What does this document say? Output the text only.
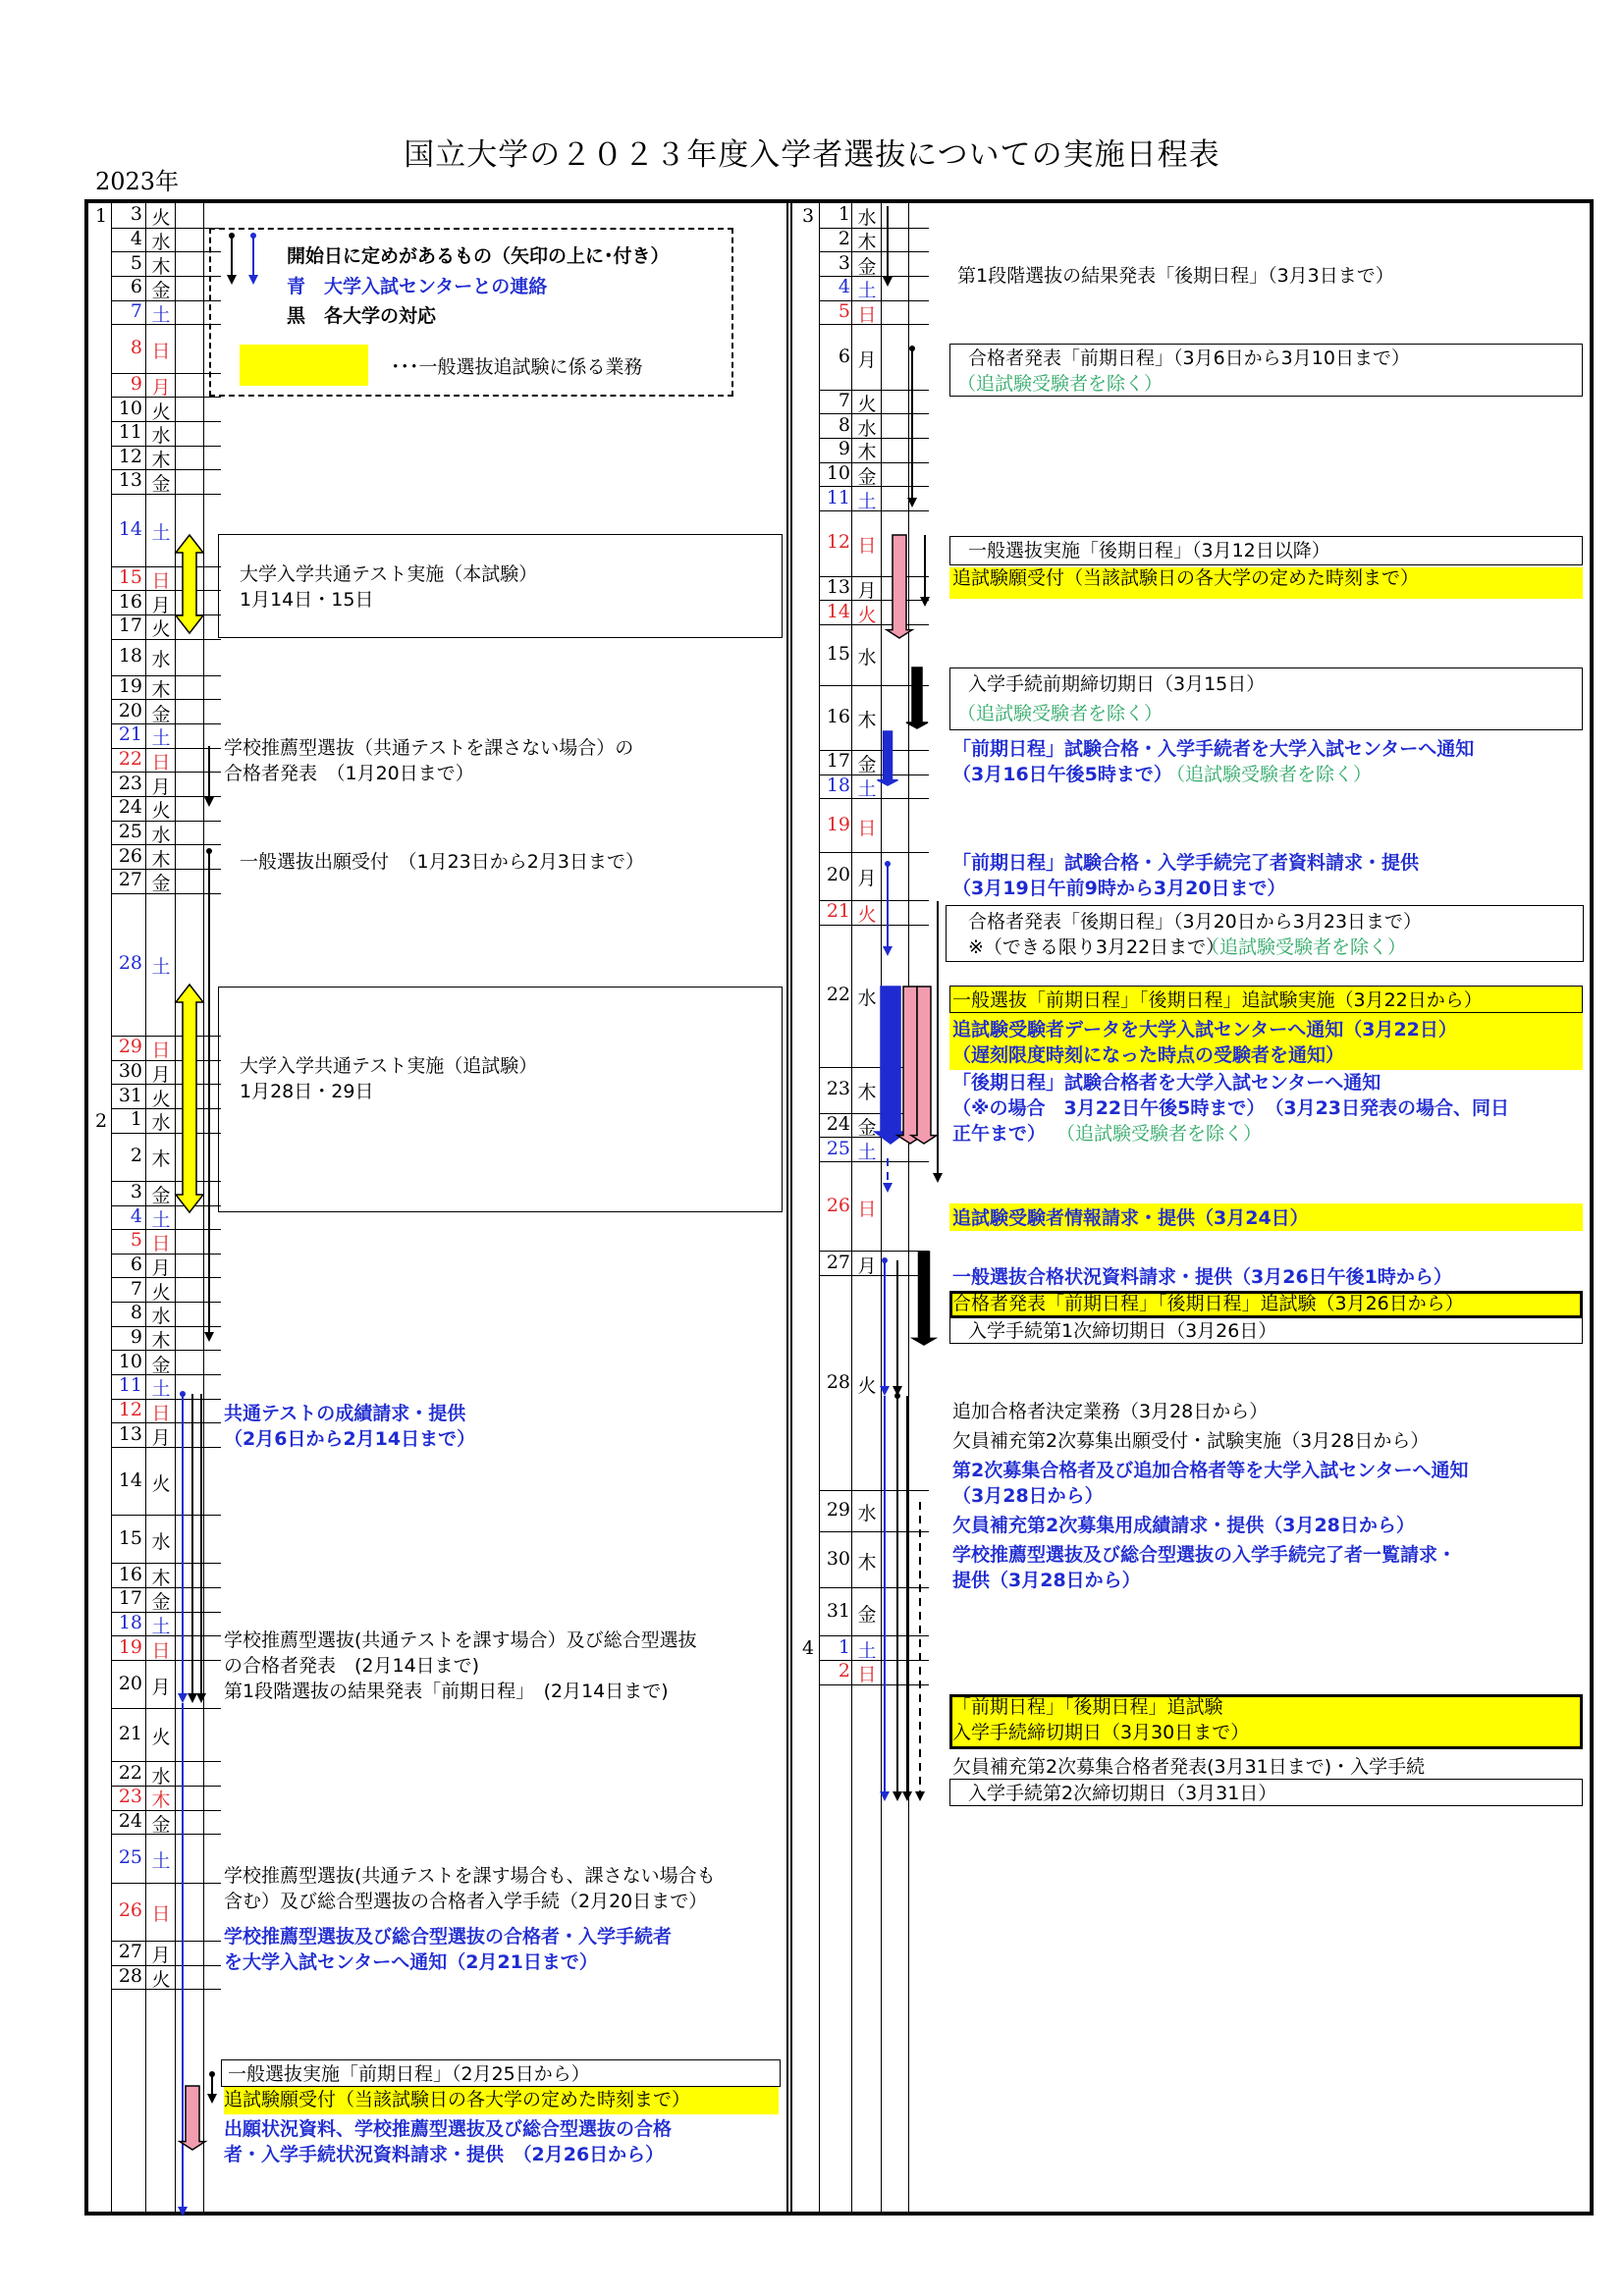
国立大学の２０２３年度入学者選抜についての実施日程表
2023年
開始日に定めがあるもの（矢印の上に･付き）
青　大学入試センターとの連絡
黒　各大学の対応
･･･一般選抜追試験に係る業務
1	3 火
4 水
5 木
6 金
7 土
8 日
9 月
10 火
11 水
12 木
13 金
14 土
15 日
16 月
17 火
18 水
19 木
20 金
21 土
22 日
23 月
24 火
25 水
26 木
27 金
28 土
29 日
30 月
31 火
2	1 水
2 木
3 金
4 土
5 日
6 月
7 火
8 水
9 木
10 金
11 土
12 日
13 月
14 火
15 水
16 木
17 金
18 土
19 日
20 月
21 火
22 水
23 木
24 金
25 土
26 日
27 月
28 火
3	1 水
2 木
3 金
4 土
5 日
6 月
7 火
8 水
9 木
10 金
11 土
12 日
13 月
14 火
15 水
16 木
17 金
18 土
19 日
20 月
21 火
22 水
23 木
24 金
25 土
26 日
27 月
28 火
29 水
30 木
31 金
4	1 土
2 日
大学入学共通テスト実施（本試験）
1月14日・15日
学校推薦型選抜（共通テストを課さない場合）の
合格者発表　（1月20日まで）
一般選抜出願受付　（1月23日から2月3日まで）
大学入学共通テスト実施（追試験）
1月28日・29日
共通テストの成績請求・提供
（2月6日から2月14日まで）
学校推薦型選抜(共通テストを課す場合）及び総合型選抜
の合格者発表　(2月14日まで)
第1段階選抜の結果発表「前期日程」　(2月14日まで)
学校推薦型選抜(共通テストを課す場合も、課さない場合も
含む）及び総合型選抜の合格者入学手続（2月20日まで）
学校推薦型選抜及び総合型選抜の合格者・入学手続者
を大学入試センターへ通知（2月21日まで）
一般選抜実施「前期日程」（2月25日から）
追試験願受付（当該試験日の各大学の定めた時刻まで）
出願状況資料、学校推薦型選抜及び総合型選抜の合格
者・入学手続状況資料請求・提供　（2月26日から）
第1段階選抜の結果発表「後期日程」（3月3日まで）
合格者発表「前期日程」（3月6日から3月10日まで）
（追試験受験者を除く）
一般選抜実施「後期日程」（3月12日以降）
追試験願受付（当該試験日の各大学の定めた時刻まで）
入学手続前期締切期日（3月15日）
（追試験受験者を除く）
「前期日程」試験合格・入学手続者を大学入試センターへ通知
（3月16日午後5時まで）
（追試験受験者を除く）
「前期日程」試験合格・入学手続完了者資料請求・提供
（3月19日午前9時から3月20日まで）
合格者発表「後期日程」（3月20日から3月23日まで）
※（できる限り3月22日まで）
（追試験受験者を除く）
一般選抜「前期日程」「後期日程」追試験実施（3月22日から）
追試験受験者データを大学入試センターへ通知（3月22日）
（遅刻限度時刻になった時点の受験者を通知）
「後期日程」試験合格者を大学入試センターへ通知
（※の場合　3月22日午後5時まで）　（3月23日発表の場合、同日
正午まで） （追試験受験者を除く）
追試験受験者情報請求・提供（3月24日）
一般選抜合格状況資料請求・提供（3月26日午後1時から）
合格者発表「前期日程」「後期日程」追試験（3月26日から）
入学手続第1次締切期日（3月26日）
追加合格者決定業務（3月28日から）
欠員補充第2次募集出願受付・試験実施（3月28日から）
第2次募集合格者及び追加合格者等を大学入試センターへ通知
（3月28日から）
欠員補充第2次募集用成績請求・提供（3月28日から）
学校推薦型選抜及び総合型選抜の入学手続完了者一覧請求・
提供（3月28日から）
「前期日程」「後期日程」追試験
入学手続締切期日（3月30日まで）
欠員補充第2次募集合格者発表(3月31日まで)・入学手続
入学手続第2次締切期日（3月31日）
